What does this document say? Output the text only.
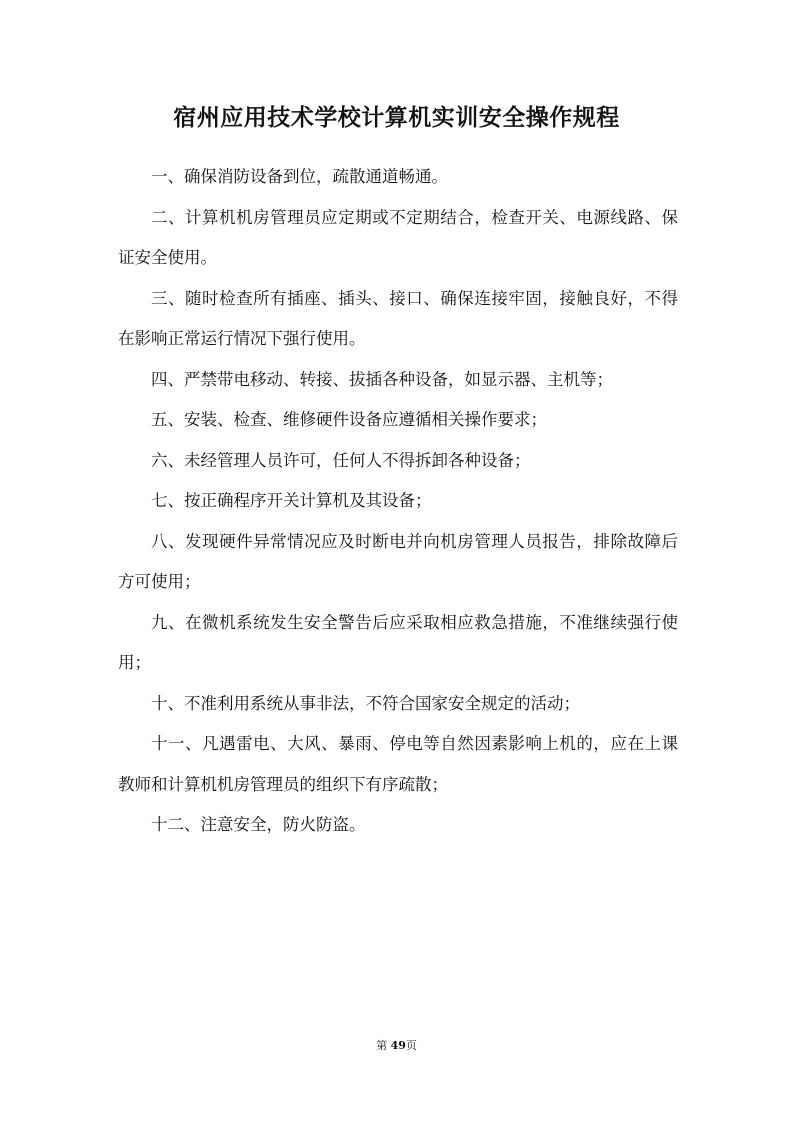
宿州应用技术学校计算机实训安全操作规程

一、确保消防设备到位，疏散通道畅通。

二、计算机机房管理员应定期或不定期结合，检查开关、电源线路、保证安全使用。

三、随时检查所有插座、插头、接口、确保连接牢固，接触良好，不得在影响正常运行情况下强行使用。

四、严禁带电移动、转接、拔插各种设备，如显示器、主机等；

五、安装、检查、维修硬件设备应遵循相关操作要求；

六、未经管理人员许可，任何人不得拆卸各种设备；

七、按正确程序开关计算机及其设备；

八、发现硬件异常情况应及时断电并向机房管理人员报告，排除故障后方可使用；

九、在微机系统发生安全警告后应采取相应救急措施，不准继续强行使用；

十、不准利用系统从事非法，不符合国家安全规定的活动；

十一、凡遇雷电、大风、暴雨、停电等自然因素影响上机的，应在上课教师和计算机机房管理员的组织下有序疏散；

十二、注意安全，防火防盗。

第 49页
